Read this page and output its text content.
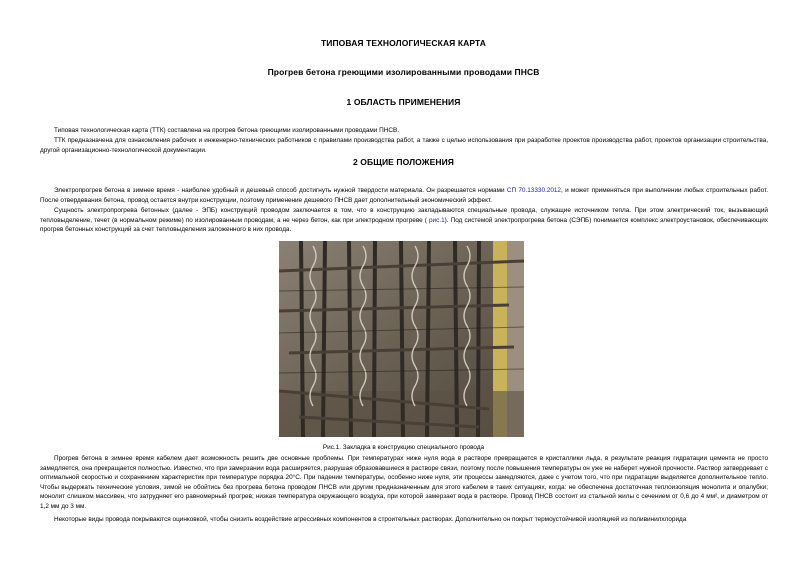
ТИПОВАЯ ТЕХНОЛОГИЧЕСКАЯ КАРТА
Прогрев бетона греющими изолированными проводами ПНСВ
1 ОБЛАСТЬ ПРИМЕНЕНИЯ
Типовая технологическая карта (ТТК) составлена на прогрев бетона греющими изолированными проводами ПНСВ.
ТТК предназначена для ознакомления рабочих и инженерно-технических работников с правилами производства работ, а также с целью использования при разработке проектов производства работ, проектов организации строительства, другой организационно-технологической документации.
2 ОБЩИЕ ПОЛОЖЕНИЯ
Электропрогрев бетона в зимнее время - наиболее удобный и дешевый способ достигнуть нужной твердости материала. Он разрешается нормами СП 70.13330.2012, и может применяться при выполнении любых строительных работ. После отвердевания бетона, провод остается внутри конструкции, поэтому применение дешевого ПНСВ дает дополнительный экономический эффект.
Сущность электропрогрева бетонных (далее - ЭПБ) конструкций проводом заключается в том, что в конструкцию закладываются специальные провода, служащие источником тепла. При этом электрический ток, вызывающий тепловыделение, течет (в нормальном режиме) по изолированным проводам, а не через бетон, как при электродном прогреве ( рис.1). Под системой электропрогрева бетона (СЭПБ) понимается комплекс электроустановок, обеспечивающих прогрев бетонных конструкций за счет тепловыделения заложенного в них провода.
Рис.1. Закладка в конструкцию специального провода
Прогрев бетона в зимнее время кабелем дает возможность решить две основные проблемы. При температурах ниже нуля вода в растворе превращается в кристаллики льда, в результате реакция гидратации цемента не просто замедляется, она прекращается полностью. Известно, что при замерзании вода расширяется, разрушая образовавшиеся в растворе связи, поэтому после повышения температуры он уже не наберет нужной прочности. Раствор затвердевает с оптимальной скоростью и сохранением характеристик при температуре порядка 20°С. При падении температуры, особенно ниже нуля, эти процессы замедляются, даже с учетом того, что при гидратации выделяется дополнительное тепло. Чтобы выдержать технические условия, зимой не обойтись без прогрева бетона проводом ПНСВ или другим предназначенным для этого кабелем в таких ситуациях, когда: не обеспечена достаточная теплоизоляция монолита и опалубки; монолит слишком массивен, что затрудняет его равномерный прогрев; низкая температура окружающего воздуха, при которой замерзает вода в растворе. Провод ПНСВ состоит из стальной жилы с сечением от 0,6 до 4 мм², и диаметром от 1,2 мм до 3 мм.
Некоторые виды провода покрываются оцинковкой, чтобы снизить воздействие агрессивных компонентов в строительных растворах. Дополнительно он покрыт термоустойчивой изоляцией из поливинилхлорида
